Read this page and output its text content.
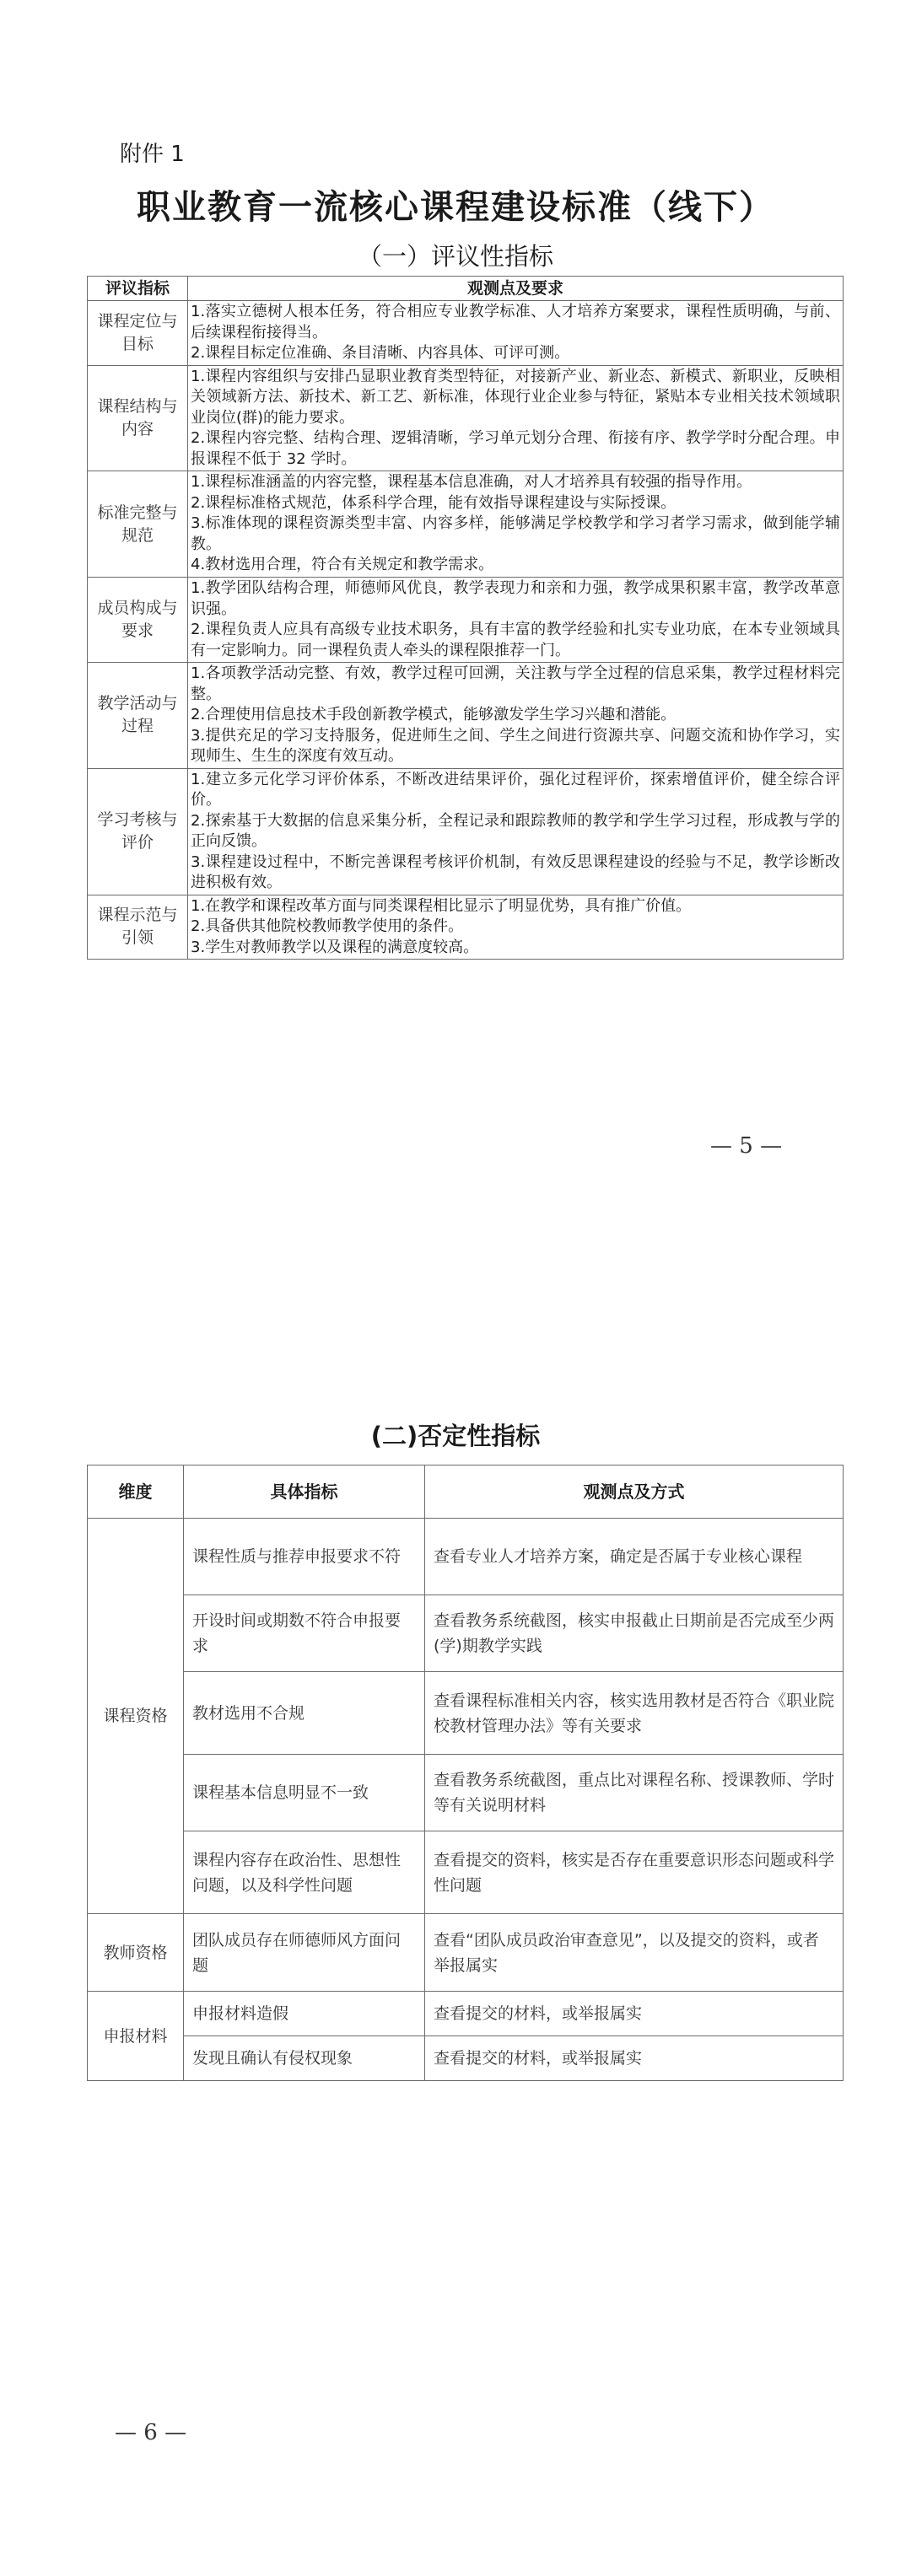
附件 1
职业教育一流核心课程建设标准（线下）
（一）评议性指标
评议指标	观测点及要求
课程定位与目标	1.落实立德树人根本任务，符合相应专业教学标准、人才培养方案要求，课程性质明确，与前、后续课程衔接得当。
2.课程目标定位准确、条目清晰、内容具体、可评可测。

课程结构与内容	1.课程内容组织与安排凸显职业教育类型特征，对接新产业、新业态、新模式、新职业，反映相关领域新方法、新技术、新工艺、新标准，体现行业企业参与特征，紧贴本专业相关技术领域职业岗位(群)的能力要求。
2.课程内容完整、结构合理、逻辑清晰，学习单元划分合理、衔接有序、教学学时分配合理。申报课程不低于 32 学时。

标准完整与规范	1.课程标准涵盖的内容完整，课程基本信息准确，对人才培养具有较强的指导作用。
2.课程标准格式规范，体系科学合理，能有效指导课程建设与实际授课。
3.标准体现的课程资源类型丰富、内容多样，能够满足学校教学和学习者学习需求，做到能学辅教。
4.教材选用合理，符合有关规定和教学需求。

成员构成与要求	1.教学团队结构合理，师德师风优良，教学表现力和亲和力强，教学成果积累丰富，教学改革意识强。
2.课程负责人应具有高级专业技术职务，具有丰富的教学经验和扎实专业功底，在本专业领域具有一定影响力。同一课程负责人牵头的课程限推荐一门。

教学活动与过程	1.各项教学活动完整、有效，教学过程可回溯，关注教与学全过程的信息采集，教学过程材料完整。
2.合理使用信息技术手段创新教学模式，能够激发学生学习兴趣和潜能。
3.提供充足的学习支持服务，促进师生之间、学生之间进行资源共享、问题交流和协作学习，实现师生、生生的深度有效互动。

学习考核与评价	1.建立多元化学习评价体系，不断改进结果评价，强化过程评价，探索增值评价，健全综合评价。
2.探索基于大数据的信息采集分析，全程记录和跟踪教师的教学和学生学习过程，形成教与学的正向反馈。
3.课程建设过程中，不断完善课程考核评价机制，有效反思课程建设的经验与不足，教学诊断改进积极有效。

课程示范与引领	1.在教学和课程改革方面与同类课程相比显示了明显优势，具有推广价值。
2.具备供其他院校教师教学使用的条件。
3.学生对教师教学以及课程的满意度较高。
— 5 —
(二)否定性指标
维度	具体指标	观测点及方式
课程资格	课程性质与推荐申报要求不符	查看专业人才培养方案，确定是否属于专业核心课程
	开设时间或期数不符合申报要求	查看教务系统截图，核实申报截止日期前是否完成至少两(学)期教学实践
	教材选用不合规	查看课程标准相关内容，核实选用教材是否符合《职业院校教材管理办法》等有关要求
	课程基本信息明显不一致	查看教务系统截图，重点比对课程名称、授课教师、学时等有关说明材料
	课程内容存在政治性、思想性问题，以及科学性问题	查看提交的资料，核实是否存在重要意识形态问题或科学性问题
教师资格	团队成员存在师德师风方面问题	查看“团队成员政治审查意见”，以及提交的资料，或者举报属实
申报材料	申报材料造假	查看提交的材料，或举报属实
	发现且确认有侵权现象	查看提交的材料，或举报属实
— 6 —
